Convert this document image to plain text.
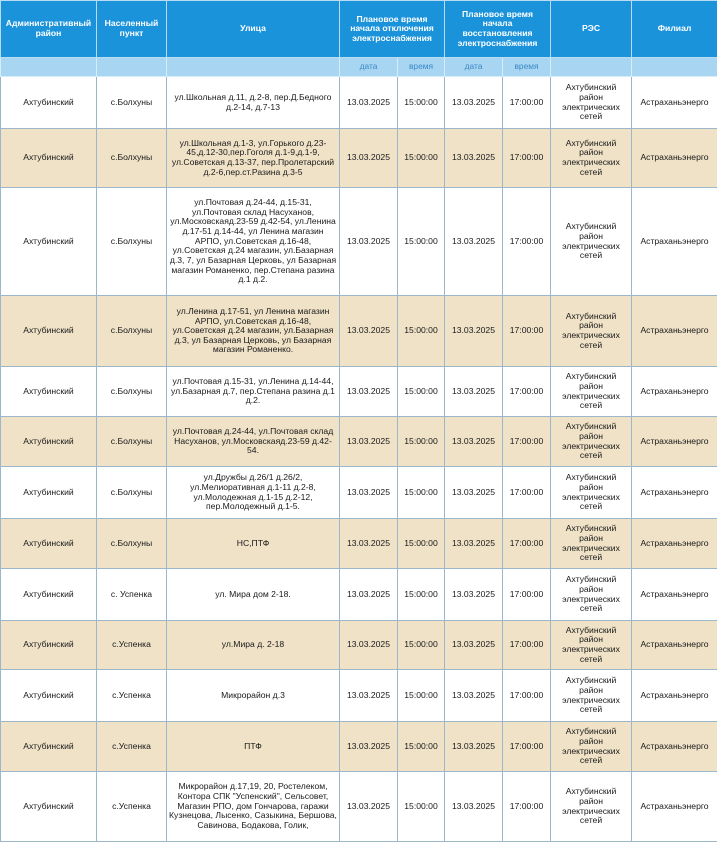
Административный район	Населенный пункт	Улица	Плановое время начала отключения электроснабжения		Плановое время начала восстановления электроснабжения		РЭС	Филиал
			дата	время	дата	время		
Ахтубинский	с.Болхуны	ул.Школьная д.11, д.2-8, пер.Д.Бедного д.2-14, д.7-13	13.03.2025	15:00:00	13.03.2025	17:00:00	Ахтубинский район электрических сетей	Астраханьэнерго
Ахтубинский	с.Болхуны	ул.Школьная д.1-3, ул.Горького д.23-45,д.12-30,пер.Гоголя д.1-9,д.1-9, ул.Советская д.13-37, пер.Пролетарский д.2-6,пер.ст.Разина д.3-5	13.03.2025	15:00:00	13.03.2025	17:00:00	Ахтубинский район электрических сетей	Астраханьэнерго
Ахтубинский	с.Болхуны	ул.Почтовая д.24-44, д.15-31, ул.Почтовая склад Насуханов, ул.Московскаяд.23-59 д.42-54, ул.Ленина д.17-51 д.14-44, ул Ленина магазин АРПО, ул.Советская д.16-48, ул.Советская д.24 магазин, ул.Базарная д.3, 7, ул Базарная Церковь, ул Базарная магазин Романенко, пер.Степана разина д.1 д.2.	13.03.2025	15:00:00	13.03.2025	17:00:00	Ахтубинский район электрических сетей	Астраханьэнерго
Ахтубинский	с.Болхуны	ул.Ленина д.17-51, ул Ленина магазин АРПО, ул.Советская д.16-48, ул.Советская д.24 магазин, ул.Базарная д.3, ул Базарная Церковь, ул Базарная магазин Романенко.	13.03.2025	15:00:00	13.03.2025	17:00:00	Ахтубинский район электрических сетей	Астраханьэнерго
Ахтубинский	с.Болхуны	ул.Почтовая д.15-31, ул.Ленина д.14-44, ул.Базарная д.7, пер.Степана разина д.1 д.2.	13.03.2025	15:00:00	13.03.2025	17:00:00	Ахтубинский район электрических сетей	Астраханьэнерго
Ахтубинский	с.Болхуны	ул.Почтовая д.24-44, ул.Почтовая склад Насуханов, ул.Московскаяд.23-59 д.42-54.	13.03.2025	15:00:00	13.03.2025	17:00:00	Ахтубинский район электрических сетей	Астраханьэнерго
Ахтубинский	с.Болхуны	ул.Дружбы д.26/1 д.26/2, ул.Мелиоративная д.1-11 д.2-8, ул.Молодежная д.1-15 д.2-12, пер.Молодежный д.1-5.	13.03.2025	15:00:00	13.03.2025	17:00:00	Ахтубинский район электрических сетей	Астраханьэнерго
Ахтубинский	с.Болхуны	НС,ПТФ	13.03.2025	15:00:00	13.03.2025	17:00:00	Ахтубинский район электрических сетей	Астраханьэнерго
Ахтубинский	с. Успенка	ул. Мира дом 2-18.	13.03.2025	15:00:00	13.03.2025	17:00:00	Ахтубинский район электрических сетей	Астраханьэнерго
Ахтубинский	с.Успенка	ул.Мира д. 2-18	13.03.2025	15:00:00	13.03.2025	17:00:00	Ахтубинский район электрических сетей	Астраханьэнерго
Ахтубинский	с.Успенка	Микрорайон д.3	13.03.2025	15:00:00	13.03.2025	17:00:00	Ахтубинский район электрических сетей	Астраханьэнерго
Ахтубинский	с.Успенка	ПТФ	13.03.2025	15:00:00	13.03.2025	17:00:00	Ахтубинский район электрических сетей	Астраханьэнерго
Ахтубинский	с.Успенка	Микрорайон д.17,19, 20, Ростелеком, Контора СПК "Успенский", Сельсовет, Магазин РПО, дом Гончарова, гаражи Кузнецова, Лысенко, Сазыкина, Бершова, Савинова, Бодакова, Голик,	13.03.2025	15:00:00	13.03.2025	17:00:00	Ахтубинский район электрических сетей	Астраханьэнерго
